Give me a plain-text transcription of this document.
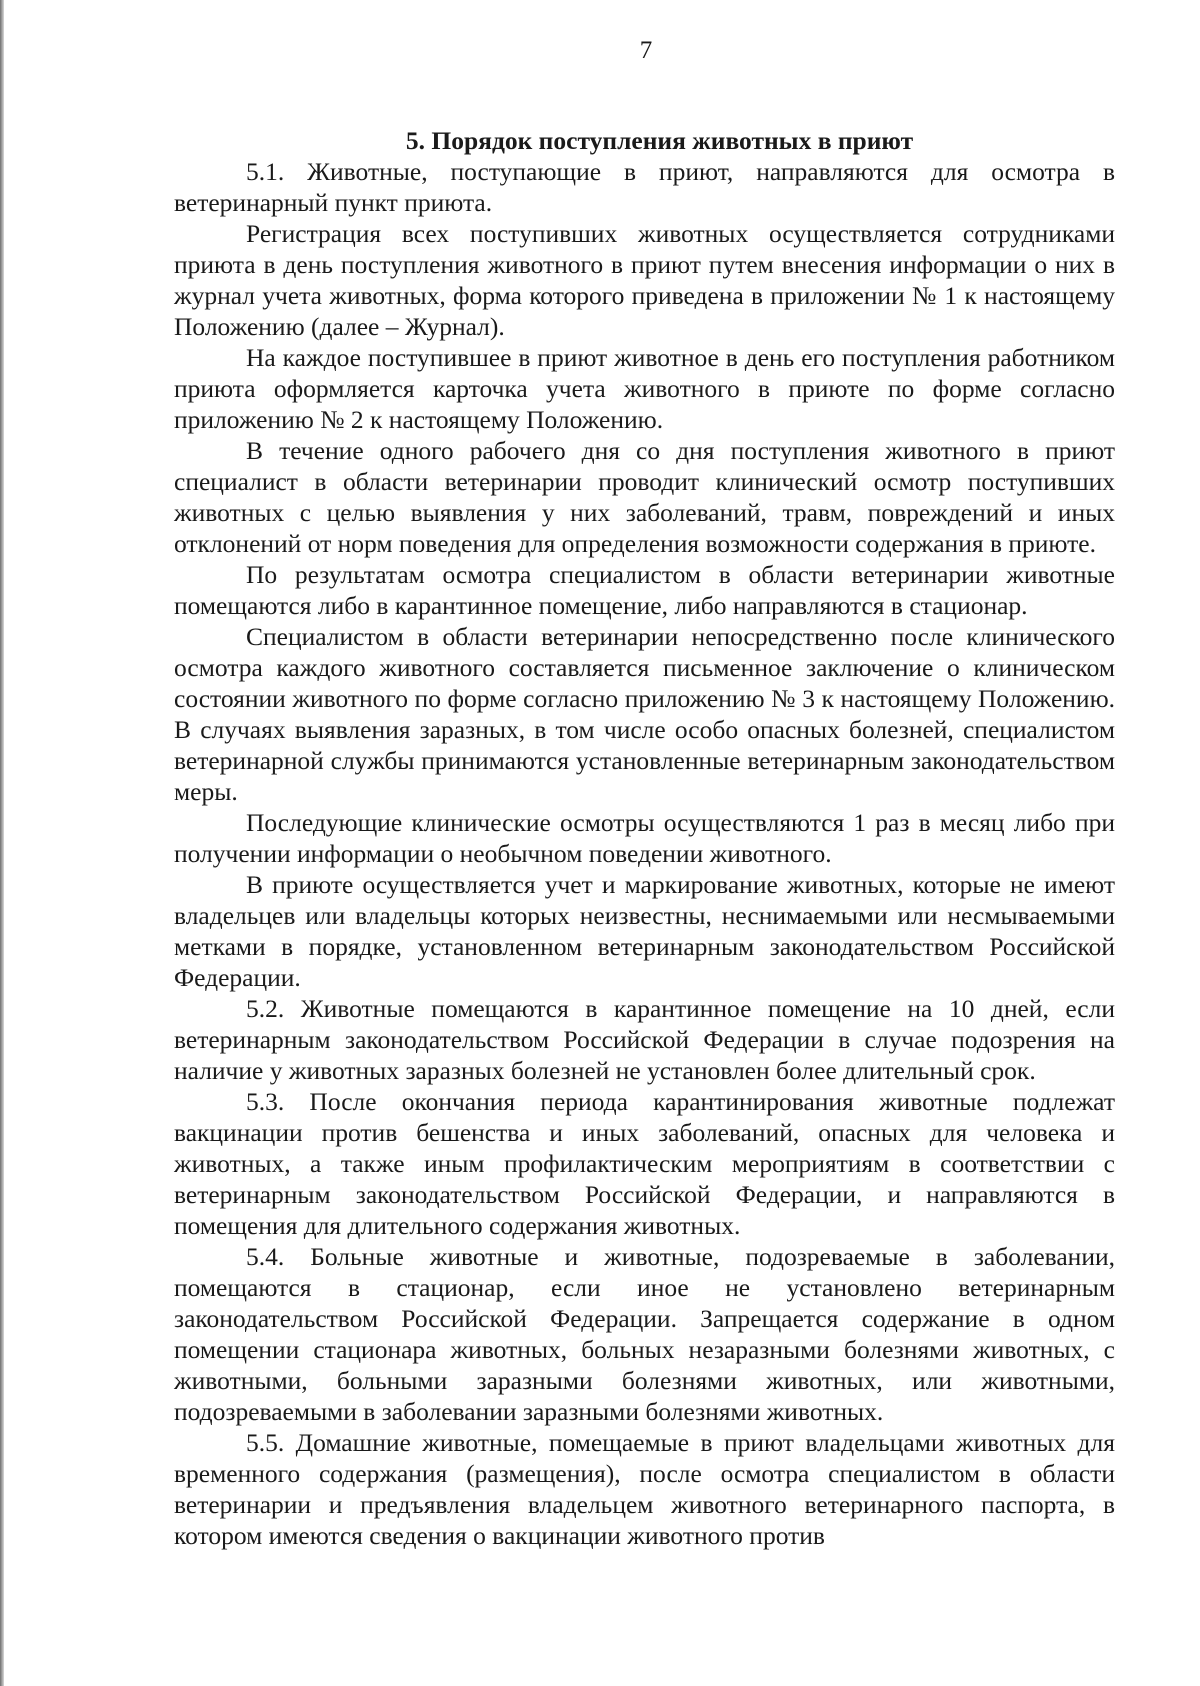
7
5. Порядок поступления животных в приют

5.1. Животные, поступающие в приют, направляются для осмотра в ветеринарный пункт приюта.

Регистрация всех поступивших животных осуществляется сотрудниками приюта в день поступления животного в приют путем внесения информации о них в журнал учета животных, форма которого приведена в приложении № 1 к настоящему Положению (далее – Журнал).

На каждое поступившее в приют животное в день его поступления работником приюта оформляется карточка учета животного в приюте по форме согласно приложению № 2 к настоящему Положению.

В течение одного рабочего дня со дня поступления животного в приют специалист в области ветеринарии проводит клинический осмотр поступивших животных с целью выявления у них заболеваний, травм, повреждений и иных отклонений от норм поведения для определения возможности содержания в приюте.

По результатам осмотра специалистом в области ветеринарии животные помещаются либо в карантинное помещение, либо направляются в стационар.

Специалистом в области ветеринарии непосредственно после клинического осмотра каждого животного составляется письменное заключение о клиническом состоянии животного по форме согласно приложению № 3 к настоящему Положению. В случаях выявления заразных, в том числе особо опасных болезней, специалистом ветеринарной службы принимаются установленные ветеринарным законодательством меры.

Последующие клинические осмотры осуществляются 1 раз в месяц либо при получении информации о необычном поведении животного.

В приюте осуществляется учет и маркирование животных, которые не имеют владельцев или владельцы которых неизвестны, неснимаемыми или несмываемыми метками в порядке, установленном ветеринарным законодательством Российской Федерации.

5.2. Животные помещаются в карантинное помещение на 10 дней, если ветеринарным законодательством Российской Федерации в случае подозрения на наличие у животных заразных болезней не установлен более длительный срок.

5.3. После окончания периода карантинирования животные подлежат вакцинации против бешенства и иных заболеваний, опасных для человека и животных, а также иным профилактическим мероприятиям в соответствии с ветеринарным законодательством Российской Федерации, и направляются в помещения для длительного содержания животных.

5.4. Больные животные и животные, подозреваемые в заболевании, помещаются в стационар, если иное не установлено ветеринарным законодательством Российской Федерации. Запрещается содержание в одном помещении стационара животных, больных незаразными болезнями животных, с животными, больными заразными болезнями животных, или животными, подозреваемыми в заболевании заразными болезнями животных.

5.5. Домашние животные, помещаемые в приют владельцами животных для временного содержания (размещения), после осмотра специалистом в области ветеринарии и предъявления владельцем животного ветеринарного паспорта, в котором имеются сведения о вакцинации животного против
